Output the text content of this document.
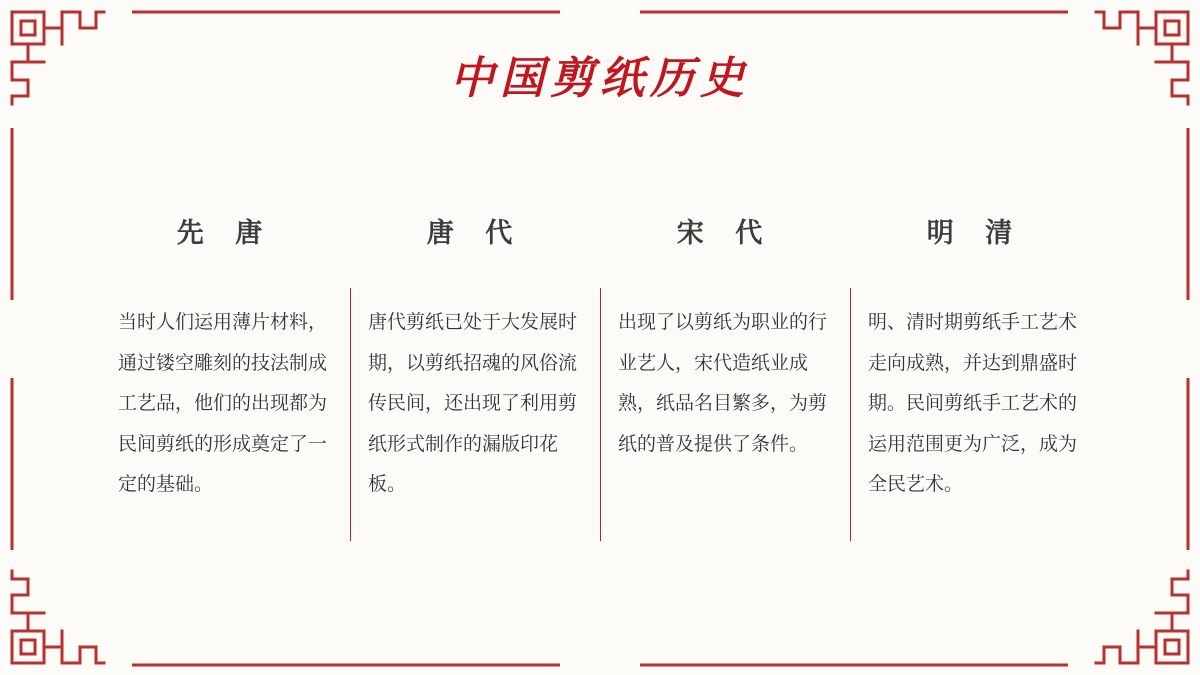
中国剪纸历史
先 唐
当时人们运用薄片材料，通过镂空雕刻的技法制成工艺品，他们的出现都为民间剪纸的形成奠定了一定的基础。
唐 代
唐代剪纸已处于大发展时期，以剪纸招魂的风俗流传民间，还出现了利用剪纸形式制作的漏版印花板。
宋 代
出现了以剪纸为职业的行业艺人，宋代造纸业成熟，纸品名目繁多，为剪纸的普及提供了条件。
明 清
明、清时期剪纸手工艺术走向成熟，并达到鼎盛时期。民间剪纸手工艺术的运用范围更为广泛，成为全民艺术。
